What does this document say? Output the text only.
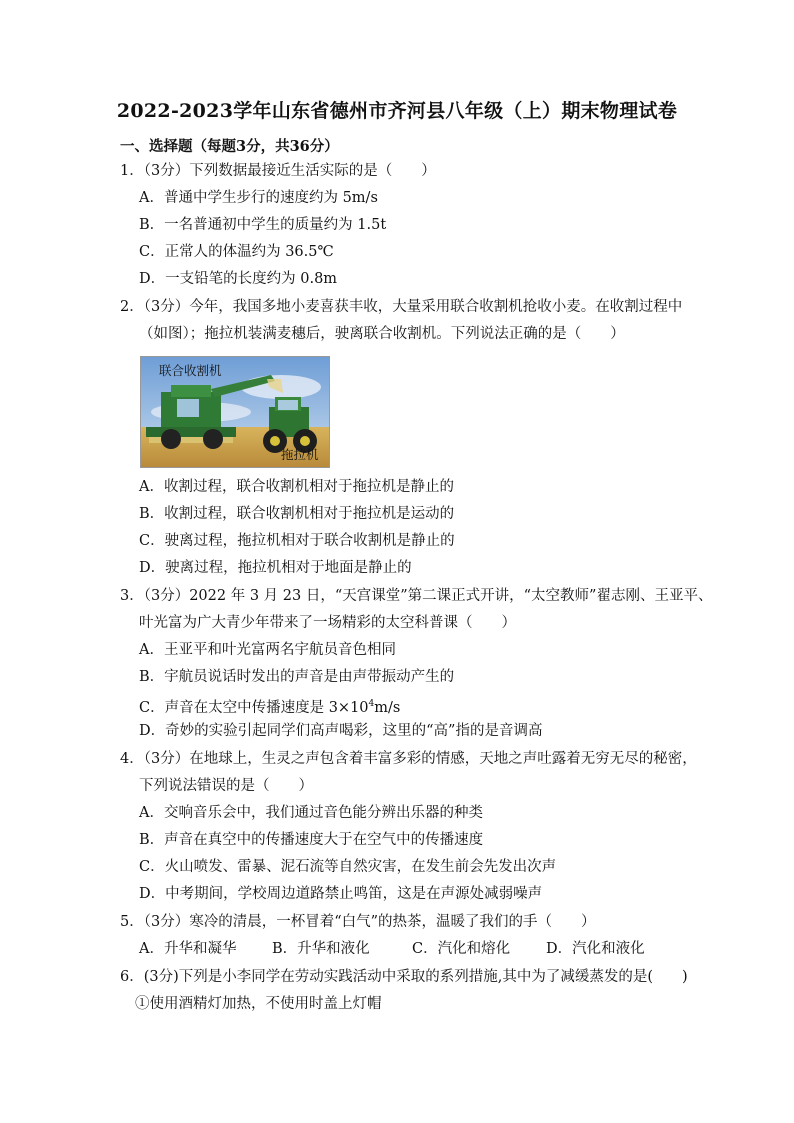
2022-2023学年山东省德州市齐河县八年级（上）期末物理试卷
一、选择题（每题3分，共36分）
1．（3分）下列数据最接近生活实际的是（　　）
A．普通中学生步行的速度约为 5m/s
B．一名普通初中学生的质量约为 1.5t
C．正常人的体温约为 36.5℃
D．一支铅笔的长度约为 0.8m
2．（3分）今年，我国多地小麦喜获丰收，大量采用联合收割机抢收小麦。在收割过程中
（如图）；拖拉机装满麦穗后，驶离联合收割机。下列说法正确的是（　　）
联合收割机
拖拉机
A．收割过程，联合收割机相对于拖拉机是静止的
B．收割过程，联合收割机相对于拖拉机是运动的
C．驶离过程，拖拉机相对于联合收割机是静止的
D．驶离过程，拖拉机相对于地面是静止的
3．（3分）2022 年 3 月 23 日，“天宫课堂”第二课正式开讲，“太空教师”翟志刚、王亚平、
叶光富为广大青少年带来了一场精彩的太空科普课（　　）
A．王亚平和叶光富两名宇航员音色相同
B．宇航员说话时发出的声音是由声带振动产生的
C．声音在太空中传播速度是 $3\times 10^4m/s$
D．奇妙的实验引起同学们高声喝彩，这里的“高”指的是音调高
4．（3分）在地球上，生灵之声包含着丰富多彩的情感，天地之声吐露着无穷无尽的秘密，
下列说法错误的是（　　）
A．交响音乐会中，我们通过音色能分辨出乐器的种类
B．声音在真空中的传播速度大于在空气中的传播速度
C．火山喷发、雷暴、泥石流等自然灾害，在发生前会先发出次声
D．中考期间，学校周边道路禁止鸣笛，这是在声源处减弱噪声
5．（3分）寒冷的清晨，一杯冒着“白气”的热茶，温暖了我们的手（　　）
A．升华和凝华 B．升华和液化	C．汽化和熔化 D．汽化和液化
6．(3分)下列是小李同学在劳动实践活动中采取的系列措施,其中为了减缓蒸发的是(　　)
①使用酒精灯加热，不使用时盖上灯帽
